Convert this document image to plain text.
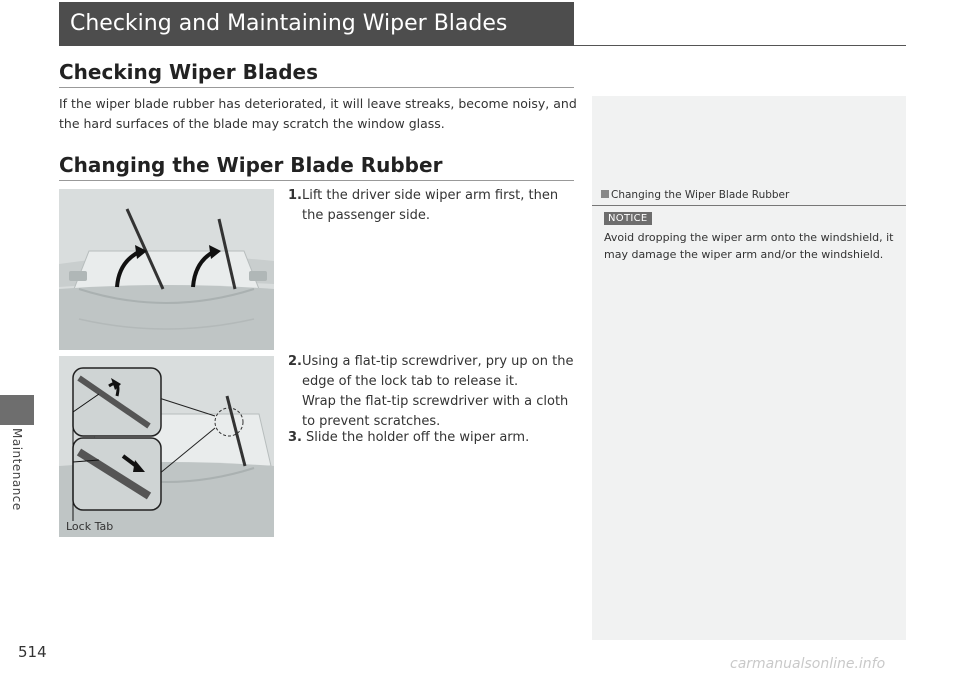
Maintenance
514
Checking and Maintaining Wiper Blades
Checking Wiper Blades
If the wiper blade rubber has deteriorated, it will leave streaks, become noisy, and the hard surfaces of the blade may scratch the window glass.
Changing the Wiper Blade Rubber
1. Lift the driver side wiper arm first, then the passenger side.
2. Using a flat-tip screwdriver, pry up on the edge of the lock tab to release it.
Wrap the flat-tip screwdriver with a cloth to prevent scratches.
3. Slide the holder off the wiper arm.
Lock Tab
Changing the Wiper Blade Rubber
NOTICE
Avoid dropping the wiper arm onto the windshield, it may damage the wiper arm and/or the windshield.
carmanualsonline.info
